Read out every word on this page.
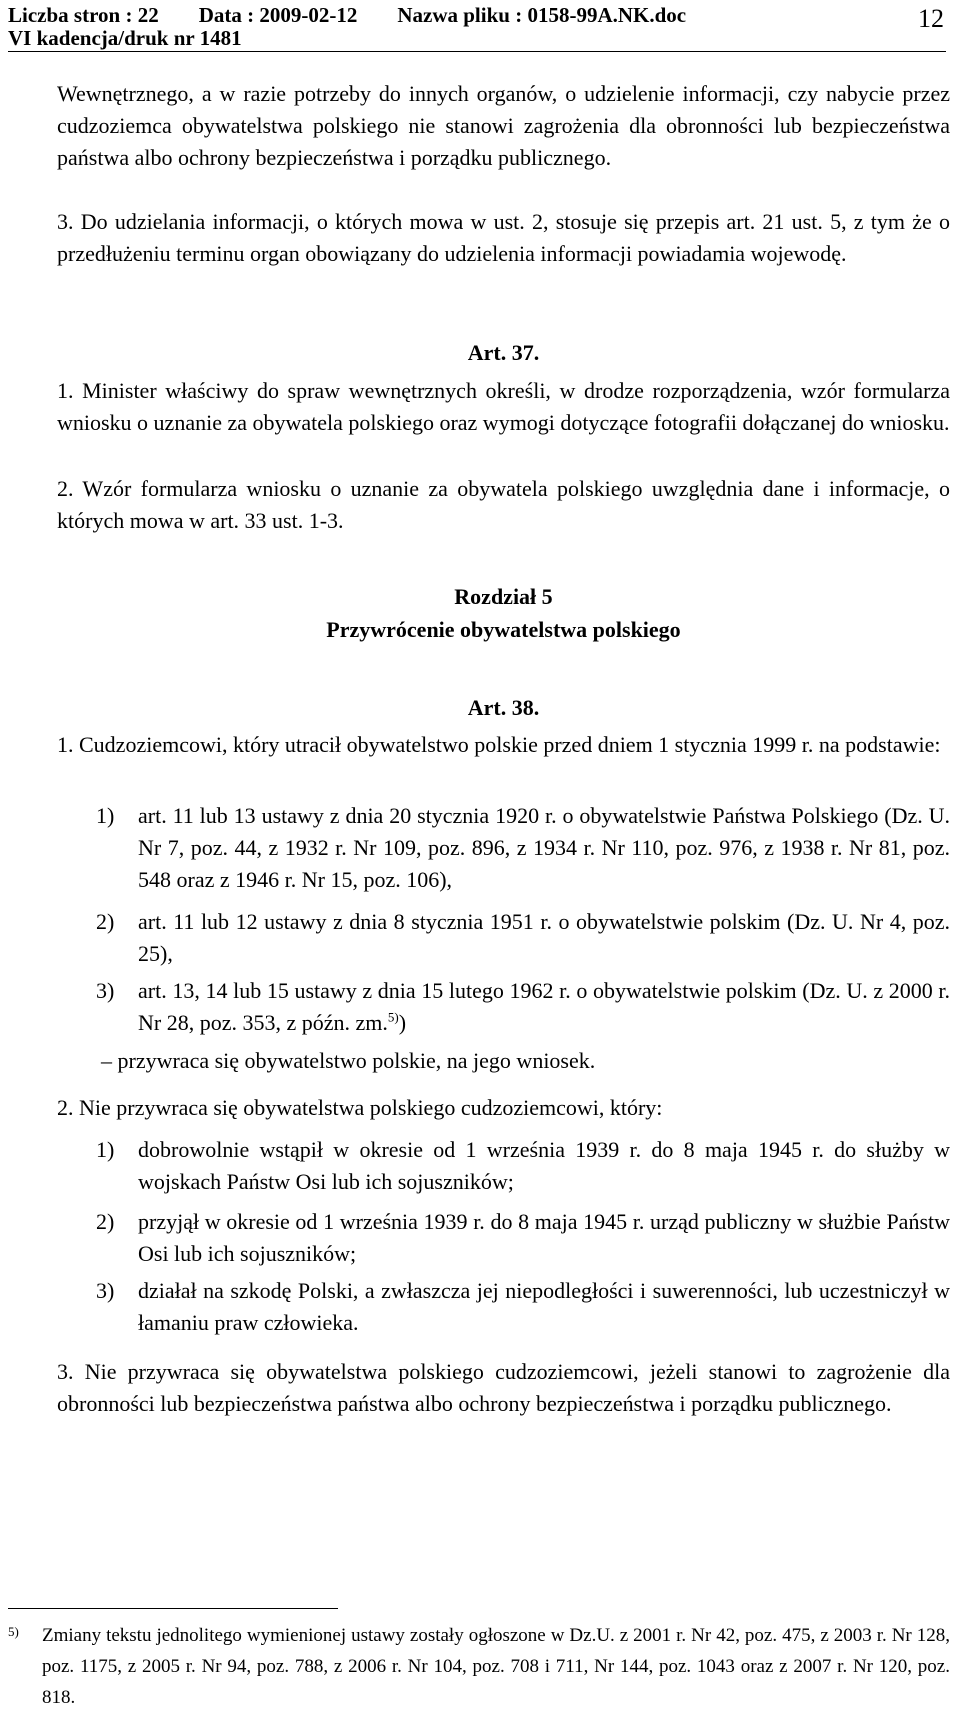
Liczba stron : 22 Data : 2009-02-12 Nazwa pliku : 0158-99A.NK.doc
VI kadencja/druk nr 1481
12
Wewnętrznego, a w razie potrzeby do innych organów, o udzielenie informacji, czy nabycie przez cudzoziemca obywatelstwa polskiego nie stanowi zagrożenia dla obronności lub bezpieczeństwa państwa albo ochrony bezpieczeństwa i porządku publicznego.
3. Do udzielania informacji, o których mowa w ust. 2, stosuje się przepis art. 21 ust. 5, z tym że o przedłużeniu terminu organ obowiązany do udzielenia informacji powiadamia wojewodę.
Art. 37.
1. Minister właściwy do spraw wewnętrznych określi, w drodze rozporządzenia, wzór formularza wniosku o uznanie za obywatela polskiego oraz wymogi dotyczące fotografii dołączanej do wniosku.
2. Wzór formularza wniosku o uznanie za obywatela polskiego uwzględnia dane i informacje, o których mowa w art. 33 ust. 1-3.
Rozdział 5
Przywrócenie obywatelstwa polskiego
Art. 38.
1. Cudzoziemcowi, który utracił obywatelstwo polskie przed dniem 1 stycznia 1999 r. na podstawie:
1)	art. 11 lub 13 ustawy z dnia 20 stycznia 1920 r. o obywatelstwie Państwa Polskiego (Dz. U. Nr 7, poz. 44, z 1932 r. Nr 109, poz. 896, z 1934 r. Nr 110, poz. 976, z 1938 r. Nr 81, poz. 548 oraz z 1946 r. Nr 15, poz. 106),
2)	art. 11 lub 12 ustawy z dnia 8 stycznia 1951 r. o obywatelstwie polskim (Dz. U. Nr 4, poz. 25),
3)	art. 13, 14 lub 15 ustawy z dnia 15 lutego 1962 r. o obywatelstwie polskim (Dz. U. z 2000 r. Nr 28, poz. 353, z późn. zm.$^{5)}$)
– przywraca się obywatelstwo polskie, na jego wniosek.
2. Nie przywraca się obywatelstwa polskiego cudzoziemcowi, który:
1)	dobrowolnie wstąpił w okresie od 1 września 1939 r. do 8 maja 1945 r. do służby w wojskach Państw Osi lub ich sojuszników;
2)	przyjął w okresie od 1 września 1939 r. do 8 maja 1945 r. urząd publiczny w służbie Państw Osi lub ich sojuszników;
3)	działał na szkodę Polski, a zwłaszcza jej niepodległości i suwerenności, lub uczestniczył w łamaniu praw człowieka.
3. Nie przywraca się obywatelstwa polskiego cudzoziemcowi, jeżeli stanowi to zagrożenie dla obronności lub bezpieczeństwa państwa albo ochrony bezpieczeństwa i porządku publicznego.
5)	Zmiany tekstu jednolitego wymienionej ustawy zostały ogłoszone w Dz.U. z 2001 r. Nr 42, poz. 475, z 2003 r. Nr 128, poz. 1175, z 2005 r. Nr 94, poz. 788, z 2006 r. Nr 104, poz. 708 i 711, Nr 144, poz. 1043 oraz z 2007 r. Nr 120, poz. 818.
